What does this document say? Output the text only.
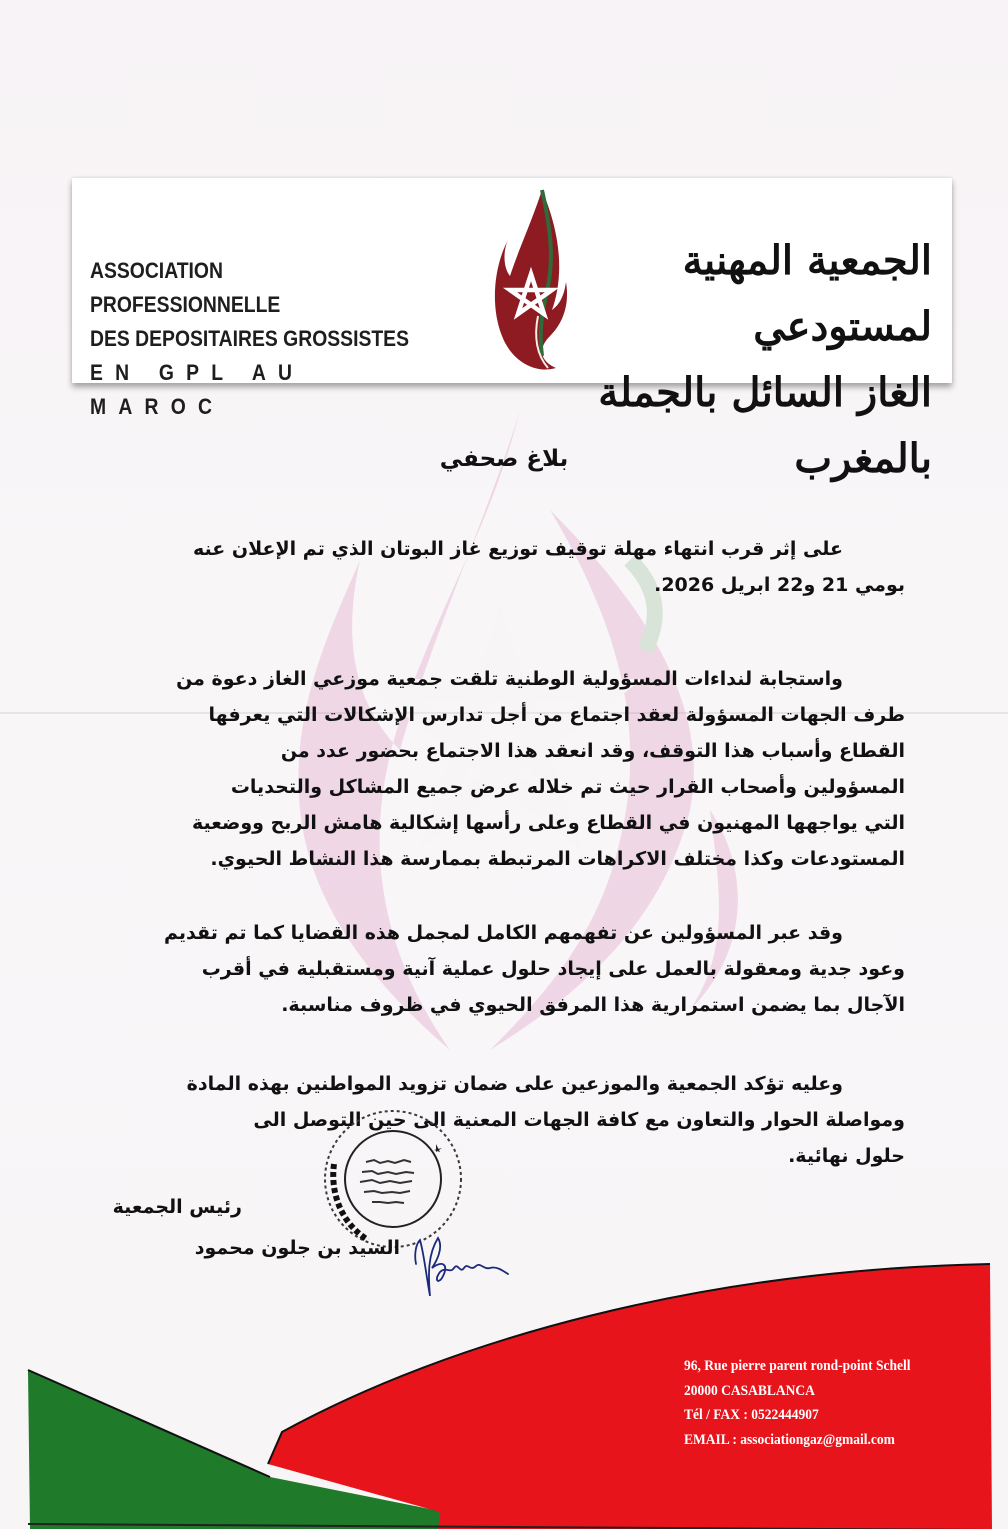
ASSOCIATION PROFESSIONNELLE
DES DEPOSITAIRES GROSSISTES
EN GPL AU MAROC
الجمعية المهنية لمستودعي
الغاز السائل بالجملة بالمغرب
بلاغ صحفي
على إثر قرب انتهاء مهلة توقيف توزيع غاز البوتان الذي تم الإعلان عنه
بومي 21 و22 ابريل 2026.
واستجابة لنداءات المسؤولية الوطنية تلقت جمعية موزعي الغاز دعوة من
طرف الجهات المسؤولة لعقد اجتماع من أجل تدارس الإشكالات التي يعرفها
القطاع وأسباب هذا التوقف، وقد انعقد هذا الاجتماع بحضور عدد من
المسؤولين وأصحاب القرار حيث تم خلاله عرض جميع المشاكل والتحديات
التي يواجهها المهنيون في القطاع وعلى رأسها إشكالية هامش الربح ووضعية
المستودعات وكذا مختلف الاكراهات المرتبطة بممارسة هذا النشاط الحيوي.
وقد عبر المسؤولين عن تفهمهم الكامل لمجمل هذه القضايا كما تم تقديم
وعود جدية ومعقولة بالعمل على إيجاد حلول عملية آنية ومستقبلية في أقرب
الآجال بما يضمن استمرارية هذا المرفق الحيوي في ظروف مناسبة.
وعليه تؤكد الجمعية والموزعين على ضمان تزويد المواطنين بهذه المادة
ومواصلة الحوار والتعاون مع كافة الجهات المعنية الى حين التوصل الى
حلول نهائية.
رئيس الجمعية
السيد بن جلون محمود
96, Rue pierre parent rond-point Schell
20000 CASABLANCA
Tél / FAX : 0522444907
EMAIL : associationgaz@gmail.com
